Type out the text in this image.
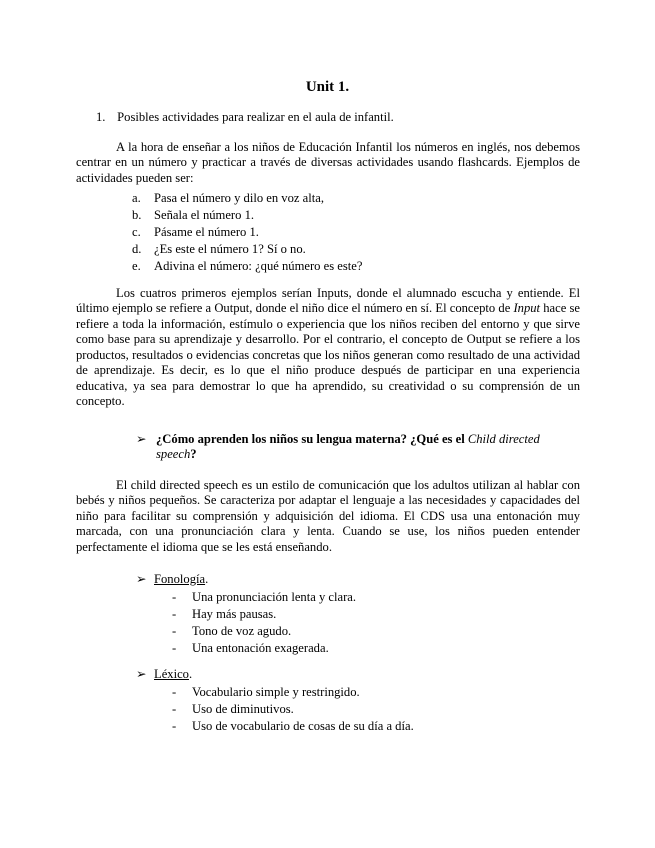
Unit 1.
1. Posibles actividades para realizar en el aula de infantil.

A la hora de enseñar a los niños de Educación Infantil los números en inglés, nos debemos centrar en un número y practicar a través de diversas actividades usando flashcards. Ejemplos de actividades pueden ser:

a. Pasa el número y dilo en voz alta,
b. Señala el número 1.
c. Pásame el número 1.
d. ¿Es este el número 1? Sí o no.
e. Adivina el número: ¿qué número es este?

Los cuatros primeros ejemplos serían Inputs, donde el alumnado escucha y entiende. El último ejemplo se refiere a Output, donde el niño dice el número en sí. El concepto de Input hace se refiere a toda la información, estímulo o experiencia que los niños reciben del entorno y que sirve como base para su aprendizaje y desarrollo. Por el contrario, el concepto de Output se refiere a los productos, resultados o evidencias concretas que los niños generan como resultado de una actividad de aprendizaje. Es decir, es lo que el niño produce después de participar en una experiencia educativa, ya sea para demostrar lo que ha aprendido, su creatividad o su comprensión de un concepto.

➢ ¿Cómo aprenden los niños su lengua materna? ¿Qué es el Child directed speech?

El child directed speech es un estilo de comunicación que los adultos utilizan al hablar con bebés y niños pequeños. Se caracteriza por adaptar el lenguaje a las necesidades y capacidades del niño para facilitar su comprensión y adquisición del idioma. El CDS usa una entonación muy marcada, con una pronunciación clara y lenta. Cuando se use, los niños pueden entender perfectamente el idioma que se les está enseñando.

➢ Fonología.
- Una pronunciación lenta y clara.
- Hay más pausas.
- Tono de voz agudo.
- Una entonación exagerada.
➢ Léxico.
- Vocabulario simple y restringido.
- Uso de diminutivos.
- Uso de vocabulario de cosas de su día a día.
